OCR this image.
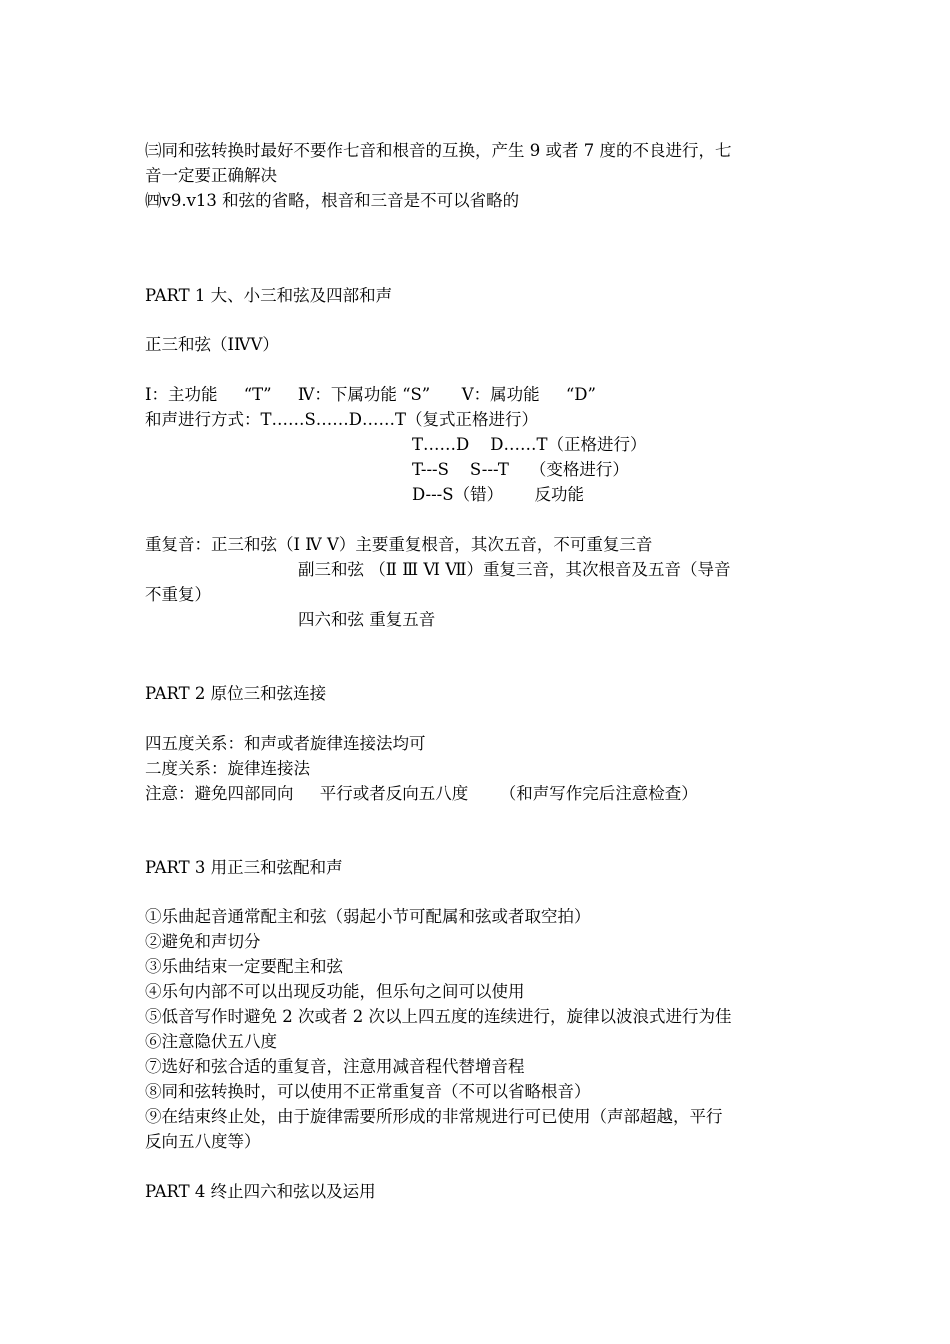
㈢同和弦转换时最好不要作七音和根音的互换，产生 9 或者 7 度的不良进行，七
音一定要正确解决
㈣v9.v13 和弦的省略，根音和三音是不可以省略的
PART 1 大、小三和弦及四部和声
正三和弦（ⅠⅣⅤ）
Ⅰ：主功能     “T”     Ⅳ：下属功能 “S”      Ⅴ：属功能     “D”
和声进行方式：T……S……D……T（复式正格进行）
T……D    D……T（正格进行）
T---S    S---T    （变格进行）
D---S（错）      反功能
重复音：正三和弦（Ⅰ Ⅳ Ⅴ）主要重复根音，其次五音，不可重复三音
副三和弦 （Ⅱ Ⅲ Ⅵ Ⅶ）重复三音，其次根音及五音（导音
不重复）
四六和弦 重复五音
PART 2 原位三和弦连接
四五度关系：和声或者旋律连接法均可
二度关系：旋律连接法
注意：避免四部同向     平行或者反向五八度      （和声写作完后注意检查）
PART 3 用正三和弦配和声
①乐曲起音通常配主和弦（弱起小节可配属和弦或者取空拍）
②避免和声切分
③乐曲结束一定要配主和弦
④乐句内部不可以出现反功能，但乐句之间可以使用
⑤低音写作时避免 2 次或者 2 次以上四五度的连续进行，旋律以波浪式进行为佳
⑥注意隐伏五八度
⑦选好和弦合适的重复音，注意用减音程代替增音程
⑧同和弦转换时，可以使用不正常重复音（不可以省略根音）
⑨在结束终止处，由于旋律需要所形成的非常规进行可已使用（声部超越，平行
反向五八度等）
PART 4 终止四六和弦以及运用
